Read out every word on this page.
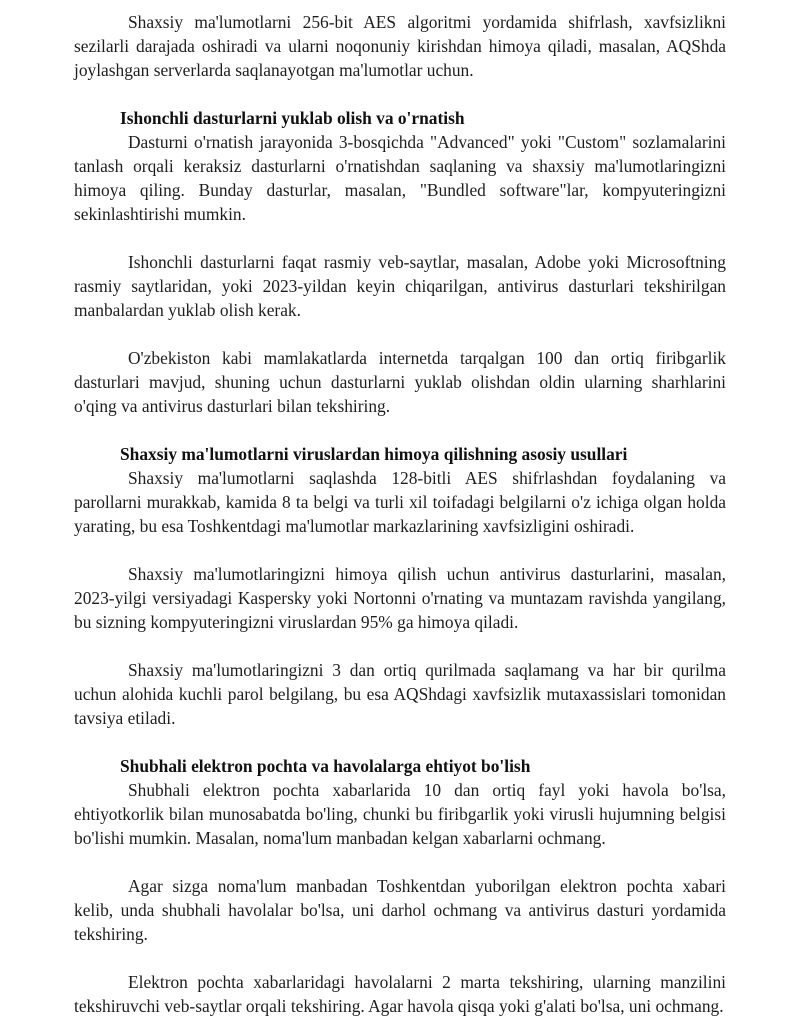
Shaxsiy ma'lumotlarni 256-bit AES algoritmi yordamida shifrlash, xavfsizlikni sezilarli darajada oshiradi va ularni noqonuniy kirishdan himoya qiladi, masalan, AQShda joylashgan serverlarda saqlanayotgan ma'lumotlar uchun.

Ishonchli dasturlarni yuklab olish va o'rnatish

Dasturni o'rnatish jarayonida 3-bosqichda "Advanced" yoki "Custom" sozlamalarini tanlash orqali keraksiz dasturlarni o'rnatishdan saqlaning va shaxsiy ma'lumotlaringizni himoya qiling. Bunday dasturlar, masalan, "Bundled software"lar, kompyuteringizni sekinlashtirishi mumkin.

Ishonchli dasturlarni faqat rasmiy veb-saytlar, masalan, Adobe yoki Microsoftning rasmiy saytlaridan, yoki 2023-yildan keyin chiqarilgan, antivirus dasturlari tekshirilgan manbalardan yuklab olish kerak.

O'zbekiston kabi mamlakatlarda internetda tarqalgan 100 dan ortiq firibgarlik dasturlari mavjud, shuning uchun dasturlarni yuklab olishdan oldin ularning sharhlarini o'qing va antivirus dasturlari bilan tekshiring.

Shaxsiy ma'lumotlarni viruslardan himoya qilishning asosiy usullari

Shaxsiy ma'lumotlarni saqlashda 128-bitli AES shifrlashdan foydalaning va parollarni murakkab, kamida 8 ta belgi va turli xil toifadagi belgilarni o'z ichiga olgan holda yarating, bu esa Toshkentdagi ma'lumotlar markazlarining xavfsizligini oshiradi.

Shaxsiy ma'lumotlaringizni himoya qilish uchun antivirus dasturlarini, masalan, 2023-yilgi versiyadagi Kaspersky yoki Nortonni o'rnating va muntazam ravishda yangilang, bu sizning kompyuteringizni viruslardan 95% ga himoya qiladi.

Shaxsiy ma'lumotlaringizni 3 dan ortiq qurilmada saqlamang va har bir qurilma uchun alohida kuchli parol belgilang, bu esa AQShdagi xavfsizlik mutaxassislari tomonidan tavsiya etiladi.

Shubhali elektron pochta va havolalarga ehtiyot bo'lish

Shubhali elektron pochta xabarlarida 10 dan ortiq fayl yoki havola bo'lsa, ehtiyotkorlik bilan munosabatda bo'ling, chunki bu firibgarlik yoki virusli hujumning belgisi bo'lishi mumkin. Masalan, noma'lum manbadan kelgan xabarlarni ochmang.

Agar sizga noma'lum manbadan Toshkentdan yuborilgan elektron pochta xabari kelib, unda shubhali havolalar bo'lsa, uni darhol ochmang va antivirus dasturi yordamida tekshiring.

Elektron pochta xabarlaridagi havolalarni 2 marta tekshiring, ularning manzilini tekshiruvchi veb-saytlar orqali tekshiring. Agar havola qisqa yoki g'alati bo'lsa, uni ochmang.
